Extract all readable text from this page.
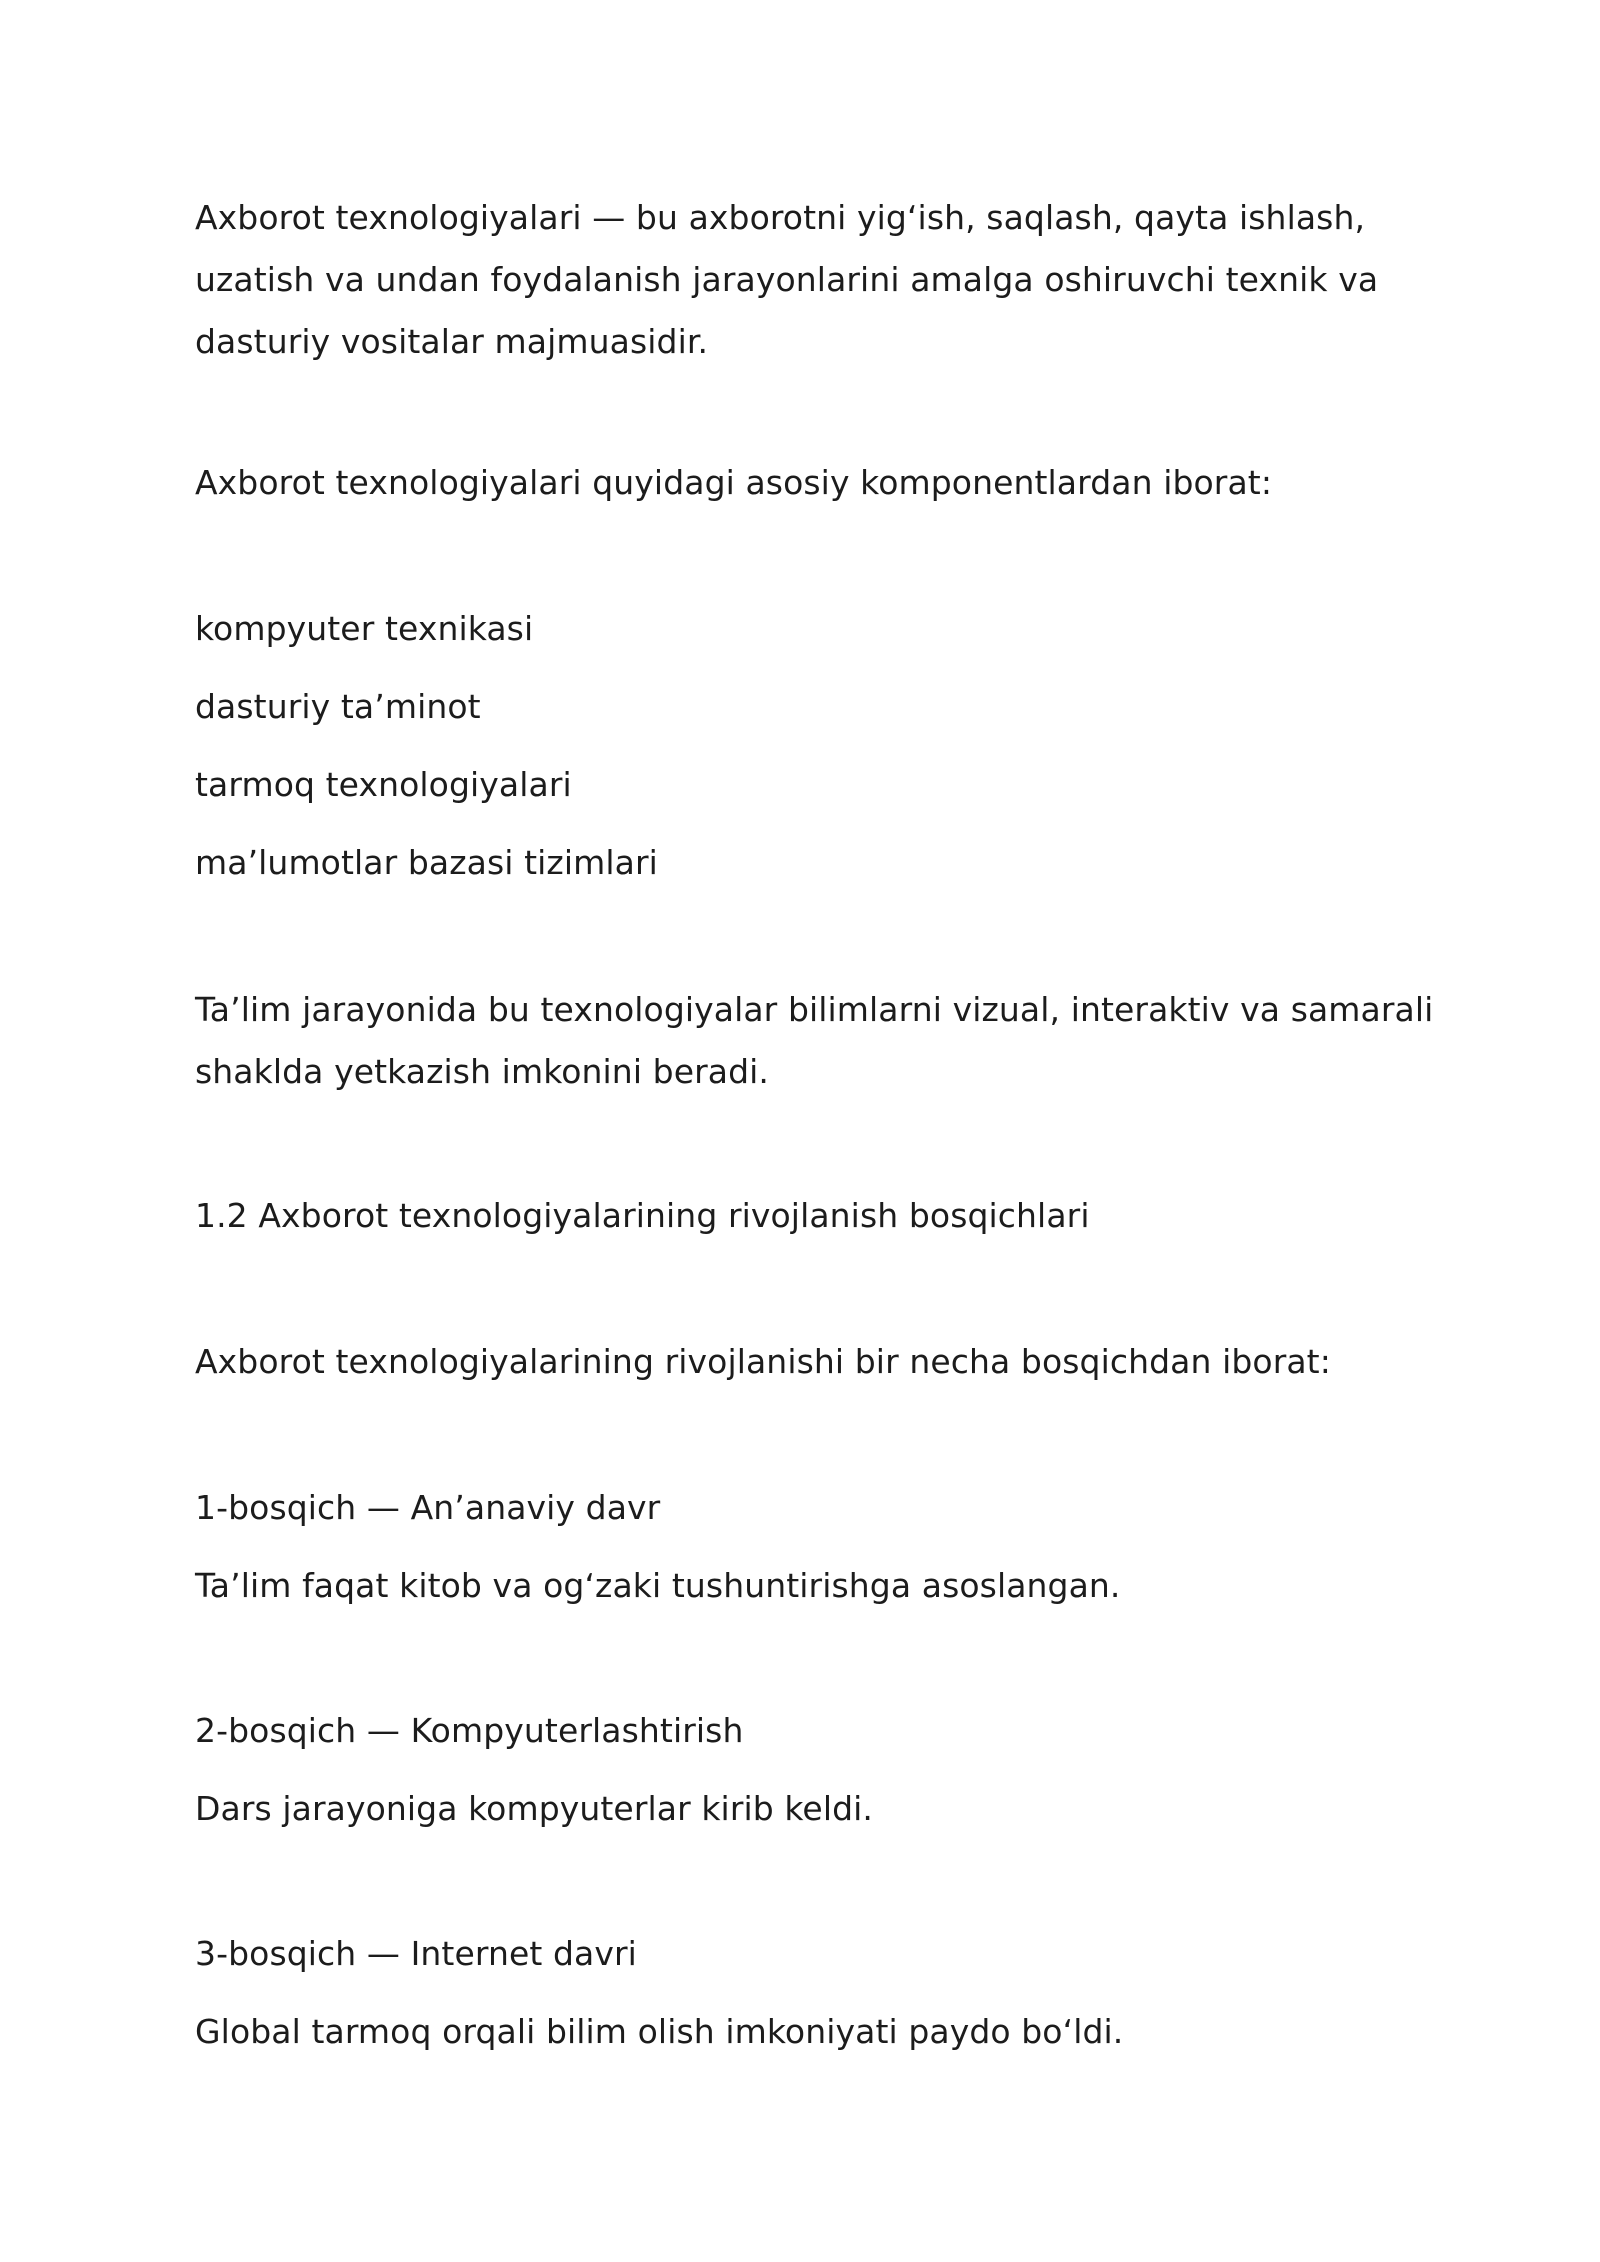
Axborot texnologiyalari — bu axborotni yig‘ish, saqlash, qayta ishlash, uzatish va undan foydalanish jarayonlarini amalga oshiruvchi texnik va dasturiy vositalar majmuasidir.

Axborot texnologiyalari quyidagi asosiy komponentlardan iborat:

kompyuter texnikasi

dasturiy ta’minot

tarmoq texnologiyalari

ma’lumotlar bazasi tizimlari

Ta’lim jarayonida bu texnologiyalar bilimlarni vizual, interaktiv va samarali shaklda yetkazish imkonini beradi.

1.2 Axborot texnologiyalarining rivojlanish bosqichlari

Axborot texnologiyalarining rivojlanishi bir necha bosqichdan iborat:

1-bosqich — An’anaviy davr

Ta’lim faqat kitob va og‘zaki tushuntirishga asoslangan.

2-bosqich — Kompyuterlashtirish

Dars jarayoniga kompyuterlar kirib keldi.

3-bosqich — Internet davri

Global tarmoq orqali bilim olish imkoniyati paydo bo‘ldi.
